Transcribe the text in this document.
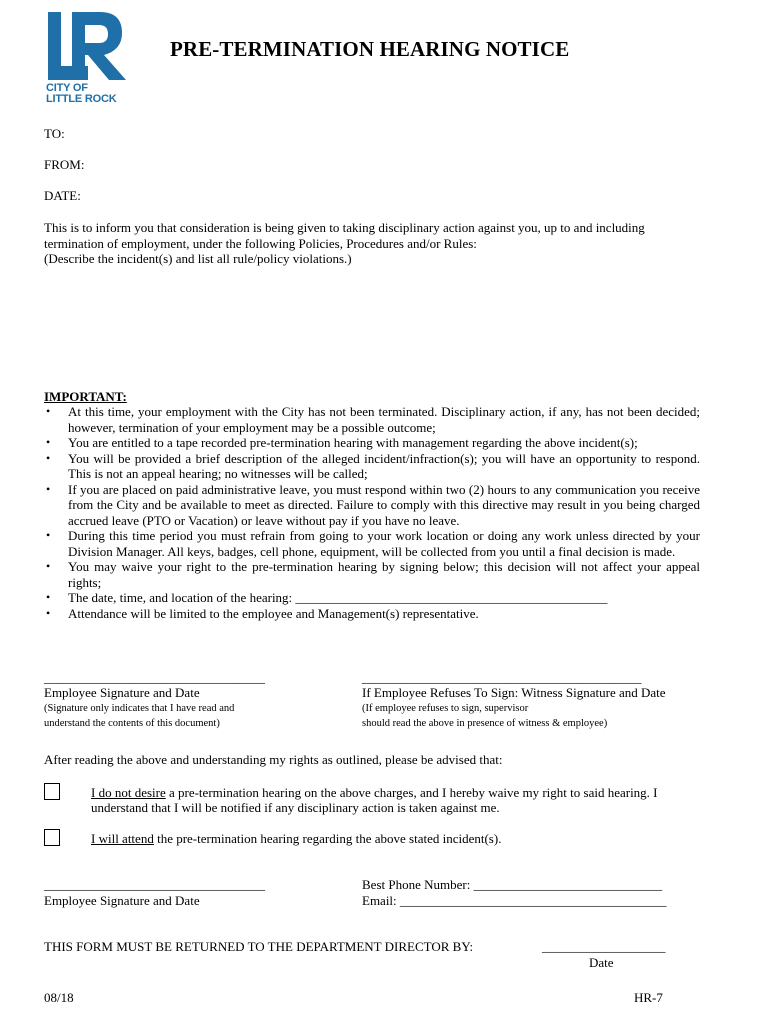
CITY OF
LITTLE ROCK
PRE-TERMINATION HEARING NOTICE
TO:
FROM:
DATE:
This is to inform you that consideration is being given to taking disciplinary action against you, up to and including
termination of employment, under the following Policies, Procedures and/or Rules:
(Describe the incident(s) and list all rule/policy violations.)
IMPORTANT:
• At this time, your employment with the City has not been terminated. Disciplinary action, if any, has not been decided; however, termination of your employment may be a possible outcome;
• You are entitled to a tape recorded pre-termination hearing with management regarding the above incident(s);
• You will be provided a brief description of the alleged incident/infraction(s); you will have an opportunity to respond. This is not an appeal hearing; no witnesses will be called;
• If you are placed on paid administrative leave, you must respond within two (2) hours to any communication you receive from the City and be available to meet as directed. Failure to comply with this directive may result in you being charged accrued leave (PTO or Vacation) or leave without pay if you have no leave.
• During this time period you must refrain from going to your work location or doing any work unless directed by your Division Manager. All keys, badges, cell phone, equipment, will be collected from you until a final decision is made.
• You may waive your right to the pre-termination hearing by signing below; this decision will not affect your appeal rights;
• The date, time, and location of the hearing: ________________________________________________
• Attendance will be limited to the employee and Management(s) representative.
__________________________________
Employee Signature and Date
(Signature only indicates that I have read and
understand the contents of this document)
___________________________________________
If Employee Refuses To Sign: Witness Signature and Date
(If employee refuses to sign, supervisor
should read the above in presence of witness & employee)
After reading the above and understanding my rights as outlined, please be advised that:
I do not desire a pre-termination hearing on the above charges, and I hereby waive my right to said hearing. I
understand that I will be notified if any disciplinary action is taken against me.
I will attend the pre-termination hearing regarding the above stated incident(s).
__________________________________
Employee Signature and Date
Best Phone Number: _____________________________
Email: _________________________________________
THIS FORM MUST BE RETURNED TO THE DEPARTMENT DIRECTOR BY:	___________________
Date
08/18	HR-7
